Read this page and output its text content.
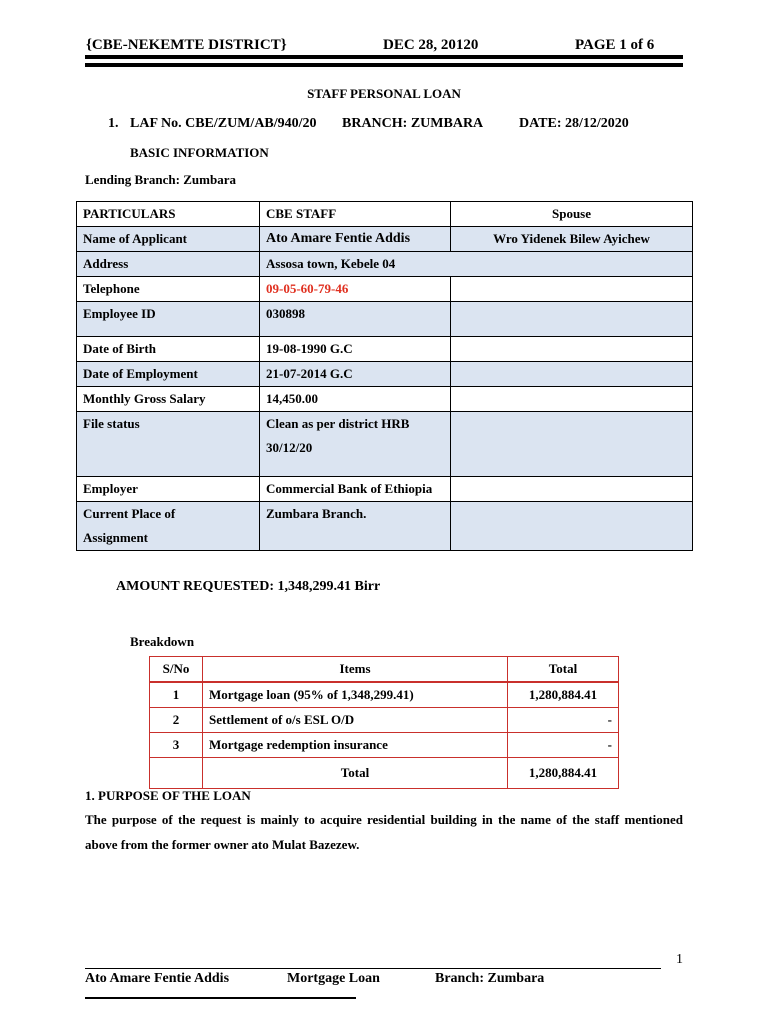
{CBE-NEKEMTE DISTRICT}	DEC 28, 20120	PAGE 1 of 6
STAFF PERSONAL LOAN
1. LAF No. CBE/ZUM/AB/940/20 BRANCH: ZUMBARA	DATE: 28/12/2020
BASIC INFORMATION
Lending Branch: Zumbara
PARTICULARS	CBE STAFF	Spouse
Name of Applicant	Ato Amare Fentie Addis	Wro Yidenek Bilew Ayichew
Address	Assosa town, Kebele 04	
Telephone	09-05-60-79-46	
Employee ID	030898	
Date of Birth	19-08-1990 G.C	
Date of Employment	21-07-2014 G.C	
Monthly Gross Salary	14,450.00	
File status	Clean as per district HRB
30/12/20	

Employer	Commercial Bank of Ethiopia	

Current Place of
Assignment	Zumbara Branch.	
AMOUNT REQUESTED: 1,348,299.41 Birr
Breakdown
S/No	Items	Total
1	Mortgage loan (95% of 1,348,299.41)	1,280,884.41
2	Settlement of o/s ESL O/D	-
3	Mortgage redemption insurance	-
	Total	1,280,884.41
1. PURPOSE OF THE LOAN
The purpose of the request is mainly to acquire residential building in the name of the staff mentioned above from the former owner ato Mulat Bazezew.
1
Ato Amare Fentie Addis	Mortgage Loan	Branch: Zumbara
